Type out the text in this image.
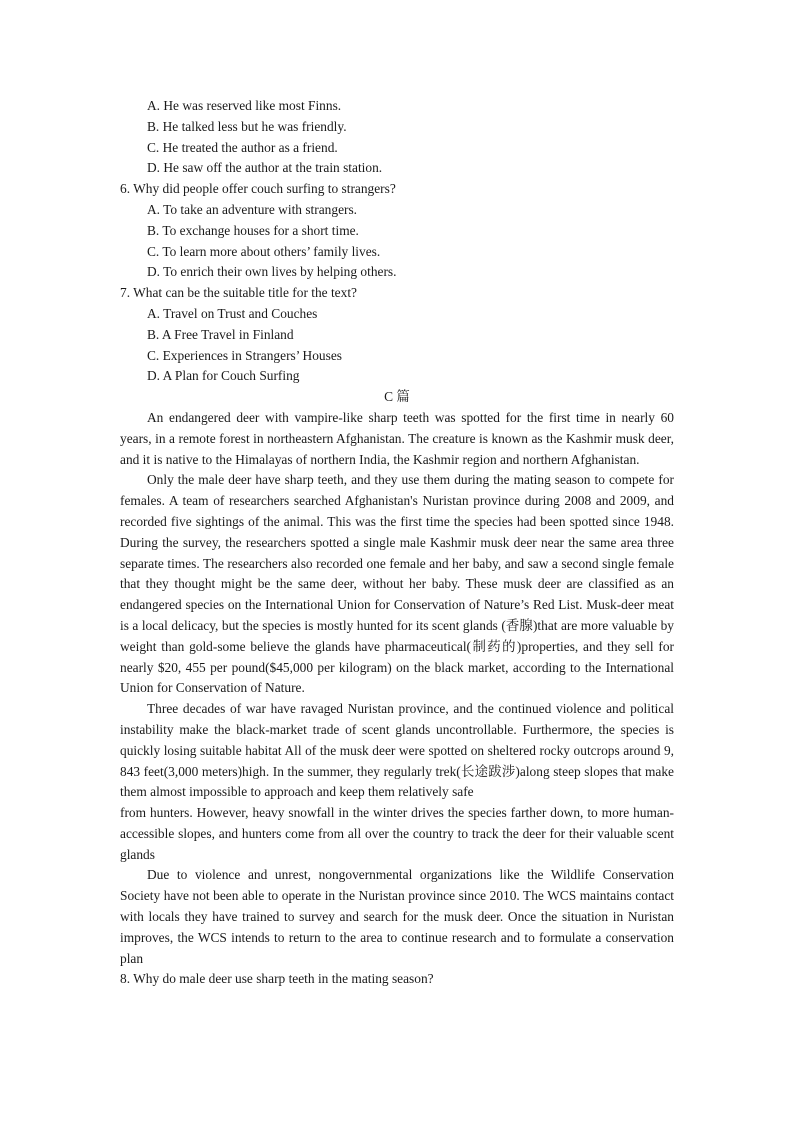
A. He was reserved like most Finns.
B. He talked less but he was friendly.
C. He treated the author as a friend.
D. He saw off the author at the train station.
6. Why did people offer couch surfing to strangers?
A. To take an adventure with strangers.
B. To exchange houses for a short time.
C. To learn more about others’ family lives.
D. To enrich their own lives by helping others.
7. What can be the suitable title for the text?
A. Travel on Trust and Couches
B. A Free Travel in Finland
C. Experiences in Strangers’ Houses
D. A Plan for Couch Surfing
C 篇

An endangered deer with vampire-like sharp teeth was spotted for the first time in nearly 60 years, in a remote forest in northeastern Afghanistan. The creature is known as the Kashmir musk deer, and it is native to the Himalayas of northern India, the Kashmir region and northern Afghanistan.

Only the male deer have sharp teeth, and they use them during the mating season to compete for females. A team of researchers searched Afghanistan's Nuristan province during 2008 and 2009, and recorded five sightings of the animal. This was the first time the species had been spotted since 1948. During the survey, the researchers spotted a single male Kashmir musk deer near the same area three separate times. The researchers also recorded one female and her baby, and saw a second single female that they thought might be the same deer, without her baby. These musk deer are classified as an endangered species on the International Union for Conservation of Nature’s Red List. Musk-deer meat is a local delicacy, but the species is mostly hunted for its scent glands (香腺)that are more valuable by weight than gold-some believe the glands have pharmaceutical(制药的)properties, and they sell for nearly $20, 455 per pound($45,000 per kilogram) on the black market, according to the International Union for Conservation of Nature.

Three decades of war have ravaged Nuristan province, and the continued violence and political instability make the black-market trade of scent glands uncontrollable. Furthermore, the species is quickly losing suitable habitat All of the musk deer were spotted on sheltered rocky outcrops around 9, 843 feet(3,000 meters)high. In the summer, they regularly trek(长途跋涉)along steep slopes that make them almost impossible to approach and keep them relatively safe

from hunters. However, heavy snowfall in the winter drives the species farther down, to more human-accessible slopes, and hunters come from all over the country to track the deer for their valuable scent glands

Due to violence and unrest, nongovernmental organizations like the Wildlife Conservation Society have not been able to operate in the Nuristan province since 2010. The WCS maintains contact with locals they have trained to survey and search for the musk deer. Once the situation in Nuristan improves, the WCS intends to return to the area to continue research and to formulate a conservation plan

8. Why do male deer use sharp teeth in the mating season?
